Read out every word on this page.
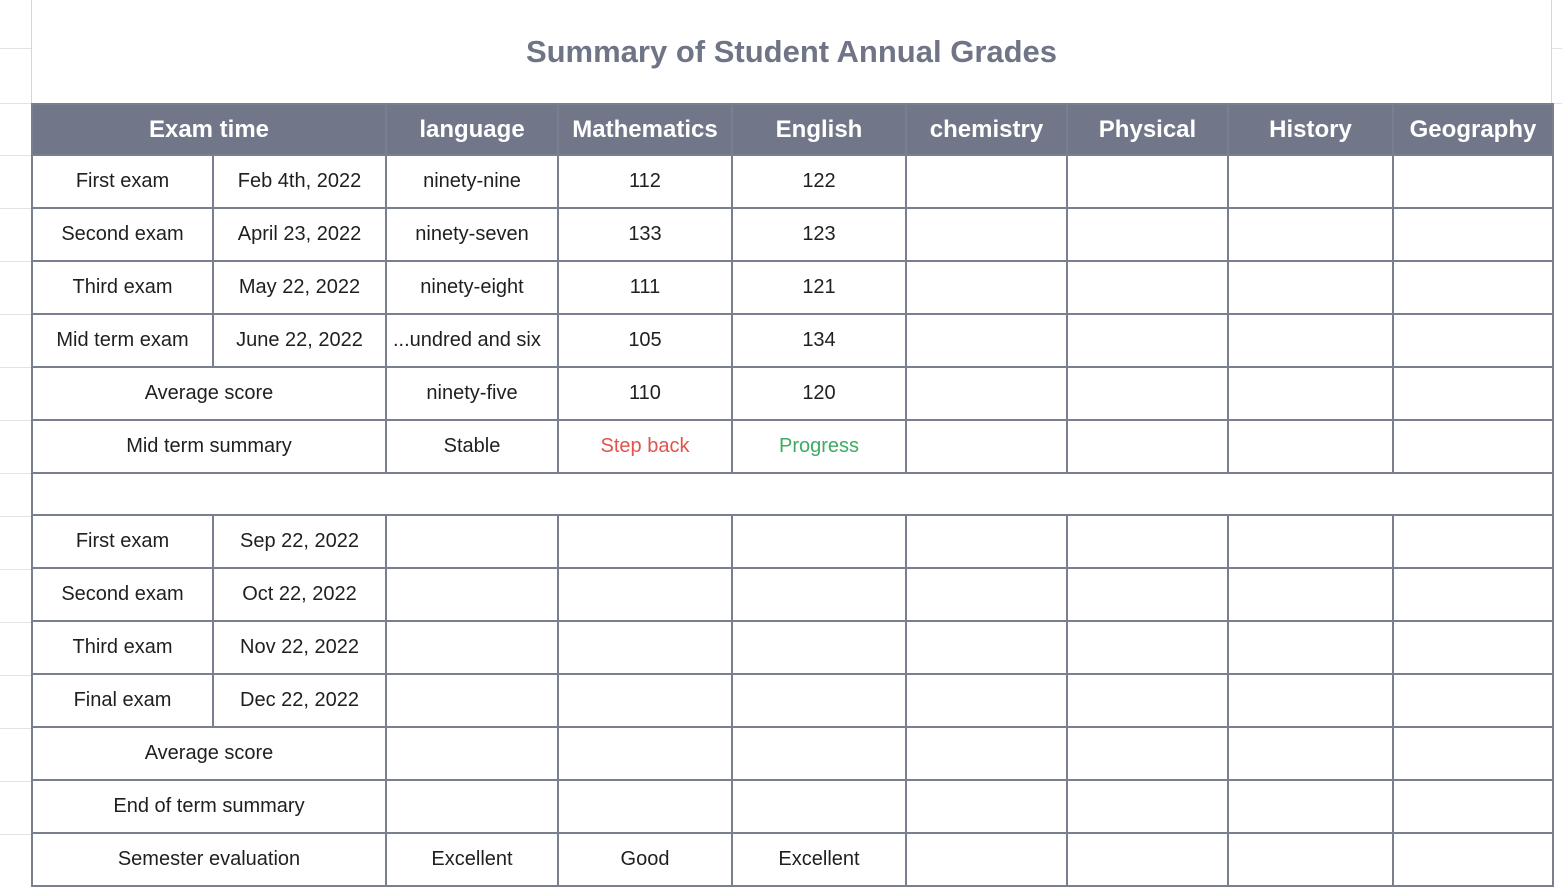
Summary of Student Annual Grades
Exam time		language	Mathematics	English	chemistry	Physical	History	Geography
First exam	Feb 4th, 2022	ninety-nine	112	122				
Second exam	April 23, 2022	ninety-seven	133	123				
Third exam	May 22, 2022	ninety-eight	111	121				
Mid term exam	June 22, 2022	...undred and six	105	134				
Average score		ninety-five	110	120				
Mid term summary		Stable	Step back	Progress				

First exam	Sep 22, 2022							
Second exam	Oct 22, 2022							
Third exam	Nov 22, 2022							
Final exam	Dec 22, 2022							
Average score								
End of term summary								
Semester evaluation		Excellent	Good	Excellent				
